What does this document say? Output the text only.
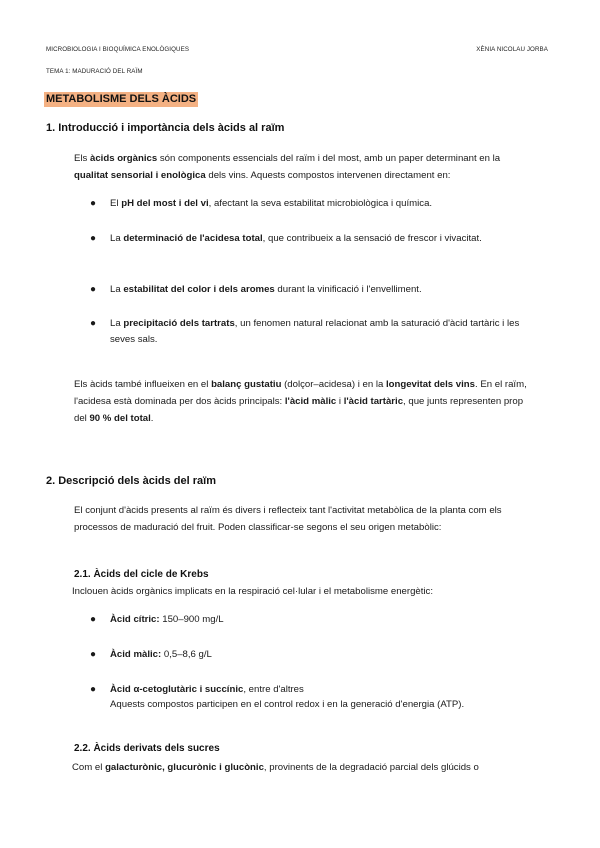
MICROBIOLOGIA I BIOQUÍMICA ENOLÒGIQUES	XÈNIA NICOLAU JORBA
TEMA 1: MADURACIÓ DEL RAÏM
METABOLISME DELS ÀCIDS
1. Introducció i importància dels àcids al raïm
Els àcids orgànics són components essencials del raïm i del most, amb un paper determinant en la qualitat sensorial i enològica dels vins. Aquests compostos intervenen directament en:
● El pH del most i del vi, afectant la seva estabilitat microbiològica i química.
● La determinació de l'acidesa total, que contribueix a la sensació de frescor i vivacitat.
● La estabilitat del color i dels aromes durant la vinificació i l'envelliment.
● La precipitació dels tartrats, un fenomen natural relacionat amb la saturació d'àcid tartàric i les seves sals.
Els àcids també influeixen en el balanç gustatiu (dolçor–acidesa) i en la longevitat dels vins. En el raïm, l'acidesa està dominada per dos àcids principals: l'àcid màlic i l'àcid tartàric, que junts representen prop del 90 % del total.
2. Descripció dels àcids del raïm
El conjunt d'àcids presents al raïm és divers i reflecteix tant l'activitat metabòlica de la planta com els processos de maduració del fruit. Poden classificar-se segons el seu origen metabòlic:
2.1. Àcids del cicle de Krebs
Inclouen àcids orgànics implicats en la respiració cel·lular i el metabolisme energètic:
● Àcid cítric: 150–900 mg/L
● Àcid màlic: 0,5–8,6 g/L
● Àcid α-cetoglutàric i succínic, entre d'altres
Aquests compostos participen en el control redox i en la generació d'energia (ATP).
2.2. Àcids derivats dels sucres
Com el galacturònic, glucurònic i glucònic, provinents de la degradació parcial dels glúcids o
